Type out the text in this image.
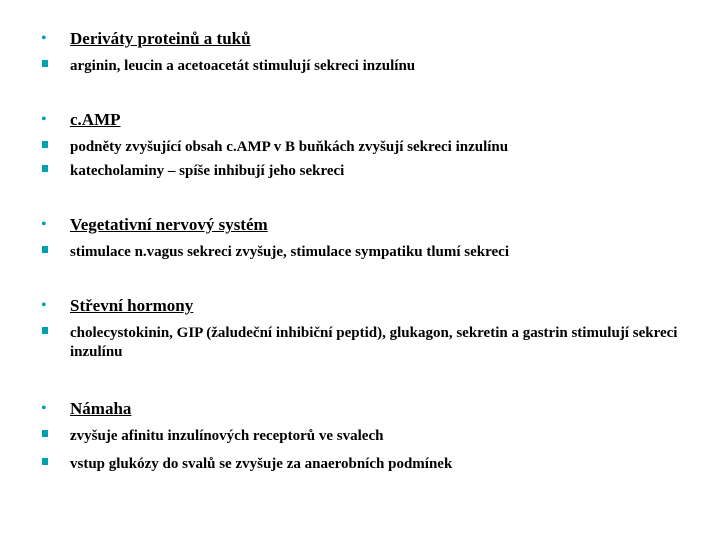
• Deriváty proteinů a tuků
arginin, leucin a acetoacetát stimulují sekreci inzulínu
• c.AMP
podněty zvyšující obsah c.AMP v B buňkách zvyšují sekreci inzulínu
katecholaminy – spíše inhibují jeho sekreci
• Vegetativní nervový systém
stimulace n.vagus sekreci zvyšuje, stimulace sympatiku tlumí sekreci
• Střevní hormony
cholecystokinin, GIP (žaludeční inhibiční peptid), glukagon, sekretin a gastrin stimulují sekreci inzulínu
• Námaha
zvyšuje afinitu inzulínových receptorů ve svalech
vstup glukózy do svalů se zvyšuje za anaerobních podmínek
